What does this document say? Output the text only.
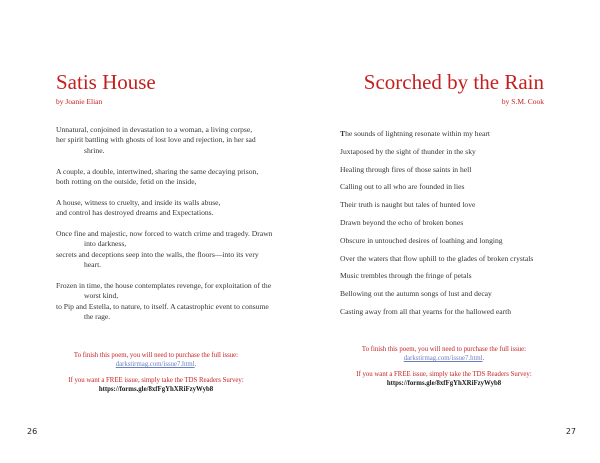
Satis House
by Joanie Elian
Unnatural, conjoined in devastation to a woman, a living corpse,
her spirit battling with ghosts of lost love and rejection, in her sad shrine.
A couple, a double, intertwined, sharing the same decaying prison,
both rotting on the outside, fetid on the inside,
A house, witness to cruelty, and inside its walls abuse,
and control has destroyed dreams and Expectations.
Once fine and majestic, now forced to watch crime and tragedy. Drawn into darkness,
secrets and deceptions seep into the walls, the floors—into its very heart.
Frozen in time, the house contemplates revenge, for exploitation of the worst kind,
to Pip and Estella, to nature, to itself. A catastrophic event to consume the rage.

To finish this poem, you will need to purchase the full issue: darkstirmag.com/issue7.html.

If you want a FREE issue, simply take the TDS Readers Survey:
https://forms.gle/8xfFgYhXRiFzyWyb8

26
Scorched by the Rain
by S.M. Cook
The sounds of lightning resonate within my heart
Juxtaposed by the sight of thunder in the sky
Healing through fires of those saints in hell
Calling out to all who are founded in lies
Their truth is naught but tales of hunted love
Drawn beyond the echo of broken bones
Obscure in untouched desires of loathing and longing
Over the waters that flow uphill to the glades of broken crystals
Music trembles through the fringe of petals
Bellowing out the autumn songs of lust and decay
Casting away from all that yearns for the hallowed earth

To finish this poem, you will need to purchase the full issue: darkstirmag.com/issue7.html.

If you want a FREE issue, simply take the TDS Readers Survey:
https://forms.gle/8xfFgYhXRiFzyWyb8

27
